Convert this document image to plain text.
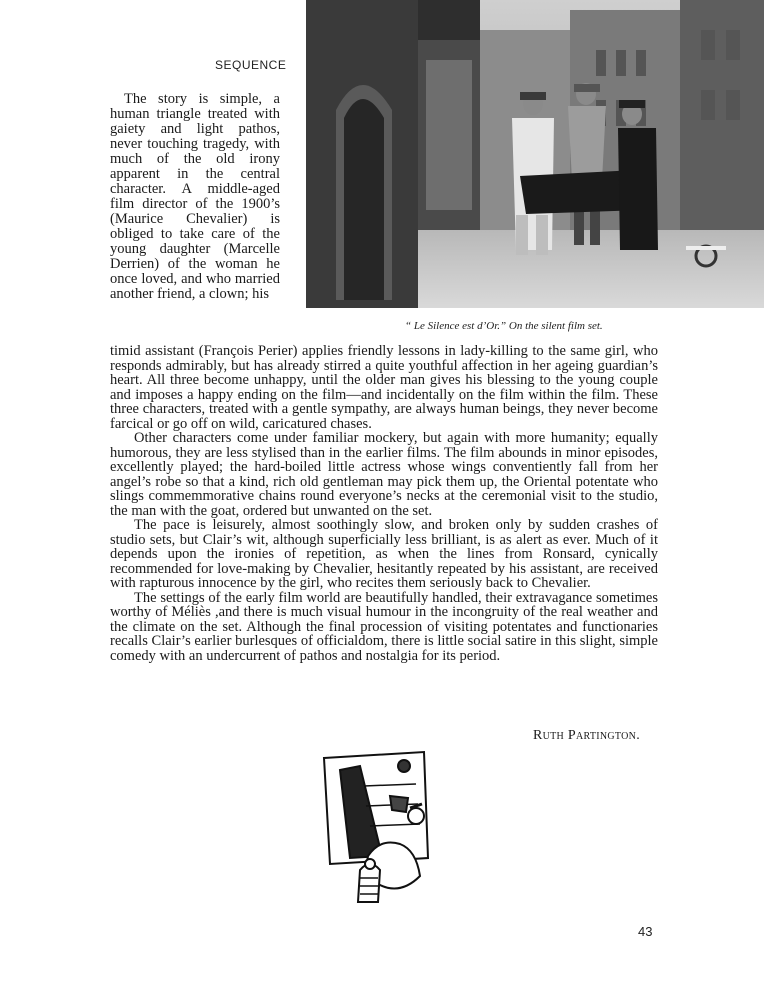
SEQUENCE
“ Le Silence est d’Or.” On the silent film set.

The story is simple, a human triangle treated with gaiety and light pathos, never touching tragedy, with much of the old irony apparent in the central character. A middle-aged film director of the 1900’s (Maurice Chevalier) is obliged to take care of the young daughter (Marcelle Derrien) of the woman he once loved, and who married another friend, a clown; his

timid assistant (François Perier) applies friendly lessons in lady-killing to the same girl, who responds admirably, but has already stirred a quite youthful affection in her ageing guardian’s heart. All three become unhappy, until the older man gives his blessing to the young couple and imposes a happy ending on the film—and incidentally on the film within the film. These three characters, treated with a gentle sympathy, are always human beings, they never become farcical or go off on wild, caricatured chases.

Other characters come under familiar mockery, but again with more humanity; equally humorous, they are less stylised than in the earlier films. The film abounds in minor episodes, excellently played; the hard-boiled little actress whose wings conventiently fall from her angel’s robe so that a kind, rich old gentleman may pick them up, the Oriental potentate who slings commemmorative chains round everyone’s necks at the ceremonial visit to the studio, the man with the goat, ordered but unwanted on the set.

The pace is leisurely, almost soothingly slow, and broken only by sudden crashes of studio sets, but Clair’s wit, although superficially less brilliant, is as alert as ever. Much of it depends upon the ironies of repetition, as when the lines from Ronsard, cynically recommended for love-making by Chevalier, hesitantly repeated by his assistant, are received with rapturous innocence by the girl, who recites them seriously back to Chevalier.

The settings of the early film world are beautifully handled, their extravagance sometimes worthy of Méliès ,and there is much visual humour in the incongruity of the real weather and the climate on the set. Although the final procession of visiting potentates and functionaries recalls Clair’s earlier burlesques of officialdom, there is little social satire in this slight, simple comedy with an undercurrent of pathos and nostalgia for its period.

Ruth Partington.
43
